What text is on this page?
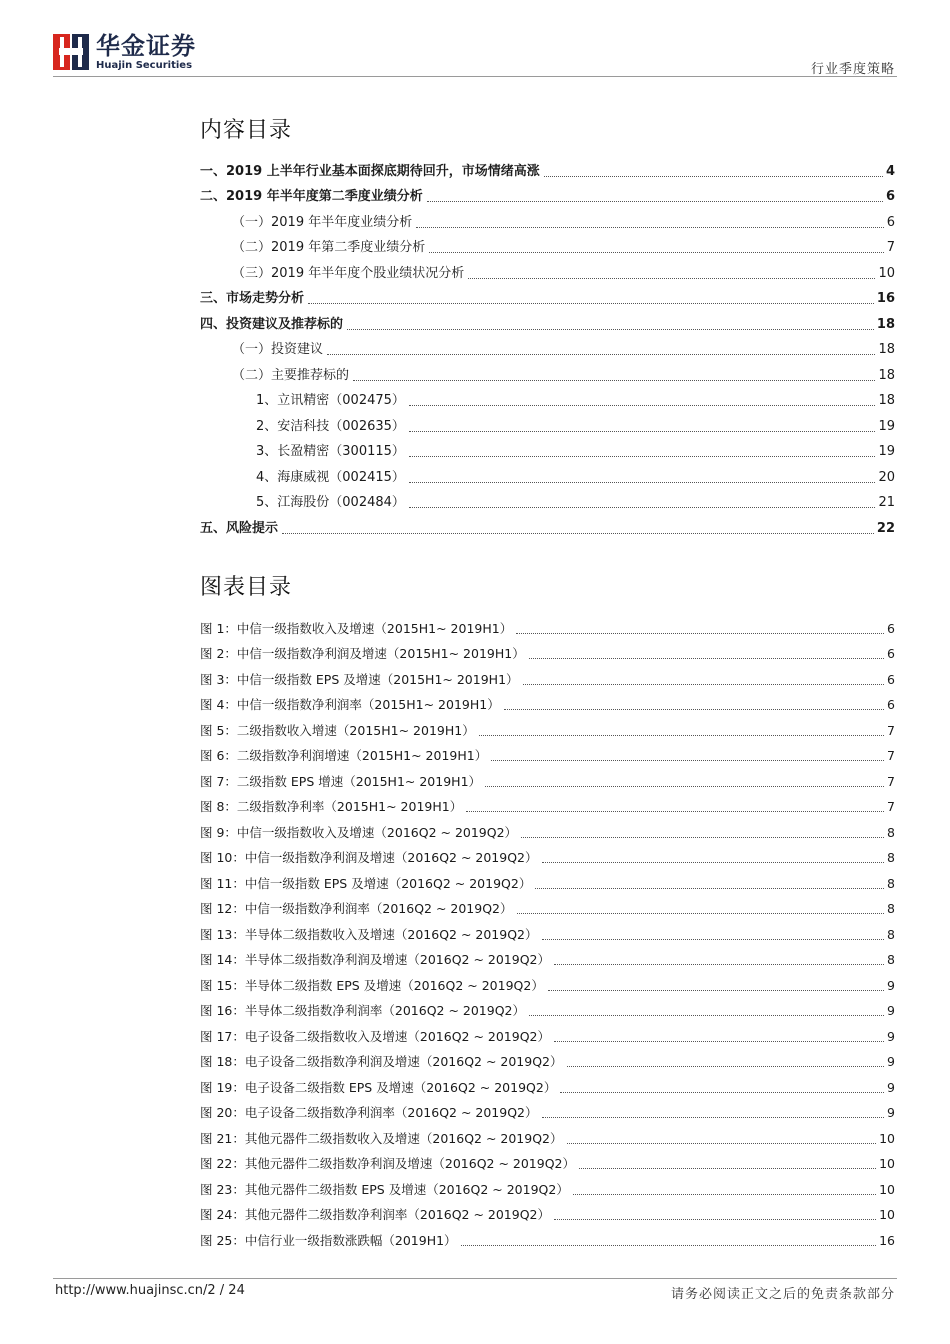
华金证券
Huajin Securities	行业季度策略
内容目录
一、2019 上半年行业基本面探底期待回升，市场情绪高涨	4
二、2019 年半年度第二季度业绩分析	6
（一）2019 年半年度业绩分析	6
（二）2019 年第二季度业绩分析	7
（三）2019 年半年度个股业绩状况分析	10
三、市场走势分析	16
四、投资建议及推荐标的	18
（一）投资建议	18
（二）主要推荐标的	18
1、立讯精密（002475）	18
2、安洁科技（002635）	19
3、长盈精密（300115）	19
4、海康威视（002415）	20
5、江海股份（002484）	21
五、风险提示	22
图表目录
图 1：中信一级指数收入及增速（2015H1~ 2019H1）	6
图 2：中信一级指数净利润及增速（2015H1~ 2019H1）	6
图 3：中信一级指数 EPS 及增速（2015H1~ 2019H1）	6
图 4：中信一级指数净利润率（2015H1~ 2019H1）	6
图 5：二级指数收入增速（2015H1~ 2019H1）	7
图 6：二级指数净利润增速（2015H1~ 2019H1）	7
图 7：二级指数 EPS 增速（2015H1~ 2019H1）	7
图 8：二级指数净利率（2015H1~ 2019H1）	7
图 9：中信一级指数收入及增速（2016Q2 ~ 2019Q2）	8
图 10：中信一级指数净利润及增速（2016Q2 ~ 2019Q2）	8
图 11：中信一级指数 EPS 及增速（2016Q2 ~ 2019Q2）	8
图 12：中信一级指数净利润率（2016Q2 ~ 2019Q2）	8
图 13：半导体二级指数收入及增速（2016Q2 ~ 2019Q2）	8
图 14：半导体二级指数净利润及增速（2016Q2 ~ 2019Q2）	8
图 15：半导体二级指数 EPS 及增速（2016Q2 ~ 2019Q2）	9
图 16：半导体二级指数净利润率（2016Q2 ~ 2019Q2）	9
图 17：电子设备二级指数收入及增速（2016Q2 ~ 2019Q2）	9
图 18：电子设备二级指数净利润及增速（2016Q2 ~ 2019Q2）	9
图 19：电子设备二级指数 EPS 及增速（2016Q2 ~ 2019Q2）	9
图 20：电子设备二级指数净利润率（2016Q2 ~ 2019Q2）	9
图 21：其他元器件二级指数收入及增速（2016Q2 ~ 2019Q2）	10
图 22：其他元器件二级指数净利润及增速（2016Q2 ~ 2019Q2）	10
图 23：其他元器件二级指数 EPS 及增速（2016Q2 ~ 2019Q2）	10
图 24：其他元器件二级指数净利润率（2016Q2 ~ 2019Q2）	10
图 25：中信行业一级指数涨跌幅（2019H1）	16
http://www.huajinsc.cn/2 / 24	请务必阅读正文之后的免责条款部分
